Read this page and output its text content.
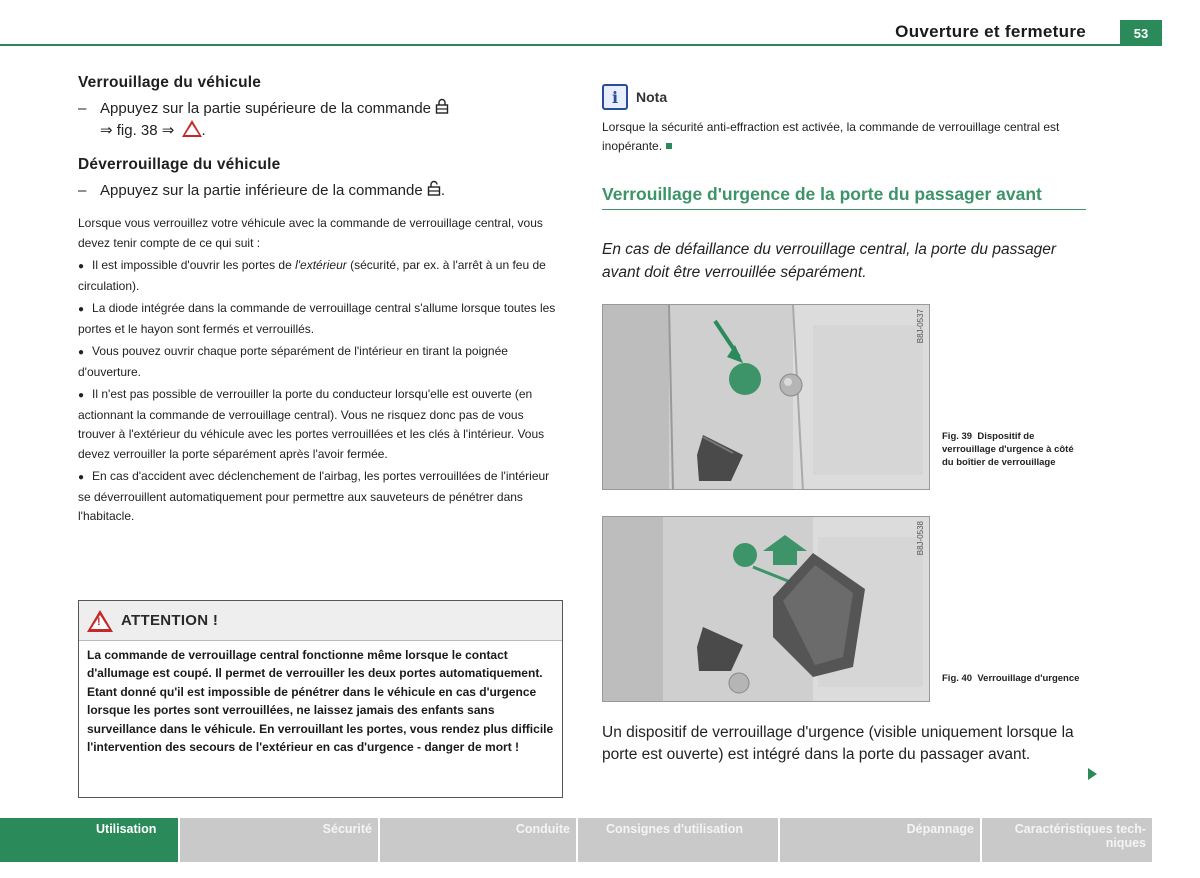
Ouverture et fermeture	53
Verrouillage du véhicule
– Appuyez sur la partie supérieure de la commande
⇒ fig. 38 ⇒ .
Déverrouillage du véhicule
– Appuyez sur la partie inférieure de la commande .
Lorsque vous verrouillez votre véhicule avec la commande de verrouillage central, vous devez tenir compte de ce qui suit :
● Il est impossible d'ouvrir les portes de l'extérieur (sécurité, par ex. à l'arrêt à un feu de circulation).
● La diode intégrée dans la commande de verrouillage central s'allume lorsque toutes les portes et le hayon sont fermés et verrouillés.
● Vous pouvez ouvrir chaque porte séparément de l'intérieur en tirant la poignée d'ouverture.
● Il n'est pas possible de verrouiller la porte du conducteur lorsqu'elle est ouverte (en actionnant la commande de verrouillage central). Vous ne risquez donc pas de vous trouver à l'extérieur du véhicule avec les portes verrouillées et les clés à l'intérieur. Vous devez verrouiller la porte séparément après l'avoir fermée.
● En cas d'accident avec déclenchement de l'airbag, les portes verrouillées de l'intérieur se déverrouillent automatiquement pour permettre aux sauveteurs de pénétrer dans l'habitacle.
!
ATTENTION !
La commande de verrouillage central fonctionne même lorsque le contact d'allumage est coupé. Il permet de verrouiller les deux portes automatiquement. Etant donné qu'il est impossible de pénétrer dans le véhicule en cas d'urgence lorsque les portes sont verrouillées, ne laissez jamais des enfants sans surveillance dans le véhicule. En verrouillant les portes, vous rendez plus difficile l'intervention des secours de l'extérieur en cas d'urgence - danger de mort !
i	Nota
Lorsque la sécurité anti-effraction est activée, la commande de verrouillage central est inopérante.
Verrouillage d'urgence de la porte du passager avant
En cas de défaillance du verrouillage central, la porte du passager avant doit être verrouillée séparément.
B8J-0537
Fig. 39 Dispositif de verrouillage d'urgence à côté du boîtier de verrouillage
B8J-0538
Fig. 40 Verrouillage d'urgence
Un dispositif de verrouillage d'urgence (visible uniquement lorsque la porte est ouverte) est intégré dans la porte du passager avant.
Utilisation	Sécurité	Conduite	Consignes d'utilisation	Dépannage	Caractéristiques tech-niques
